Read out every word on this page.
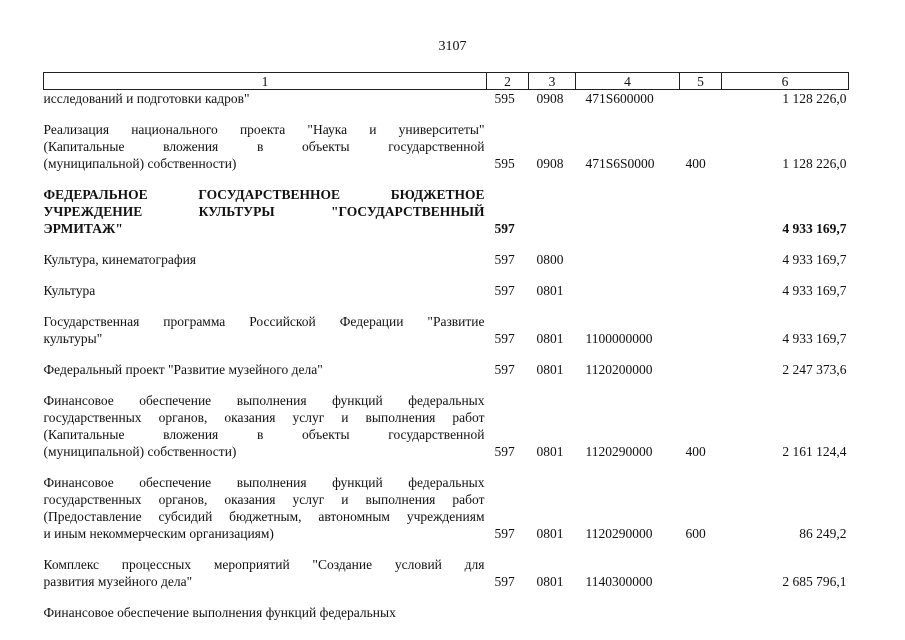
3107
1	2	3	4	5	6

исследований и подготовки кадров"	595	0908	471S600000		1 128 226,0

Реализация национального проекта "Наука и университеты"
(Капитальные вложения в объекты государственной
(муниципальной) собственности)	595	0908	471S6S0000	400	1 128 226,0

ФЕДЕРАЛЬНОЕ ГОСУДАРСТВЕННОЕ БЮДЖЕТНОЕ
УЧРЕЖДЕНИЕ КУЛЬТУРЫ "ГОСУДАРСТВЕННЫЙ
ЭРМИТАЖ"	597				4 933 169,7

Культура, кинематография	597	0800			4 933 169,7

Культура	597	0801			4 933 169,7

Государственная программа Российской Федерации "Развитие
культуры"	597	0801	1100000000		4 933 169,7

Федеральный проект "Развитие музейного дела"	597	0801	1120200000		2 247 373,6

Финансовое обеспечение выполнения функций федеральных
государственных органов, оказания услуг и выполнения работ
(Капитальные вложения в объекты государственной
(муниципальной) собственности)	597	0801	1120290000	400	2 161 124,4

Финансовое обеспечение выполнения функций федеральных
государственных органов, оказания услуг и выполнения работ
(Предоставление субсидий бюджетным, автономным учреждениям
и иным некоммерческим организациям)	597	0801	1120290000	600	86 249,2

Комплекс процессных мероприятий "Создание условий для
развития музейного дела"	597	0801	1140300000		2 685 796,1

Финансовое обеспечение выполнения функций федеральных					
